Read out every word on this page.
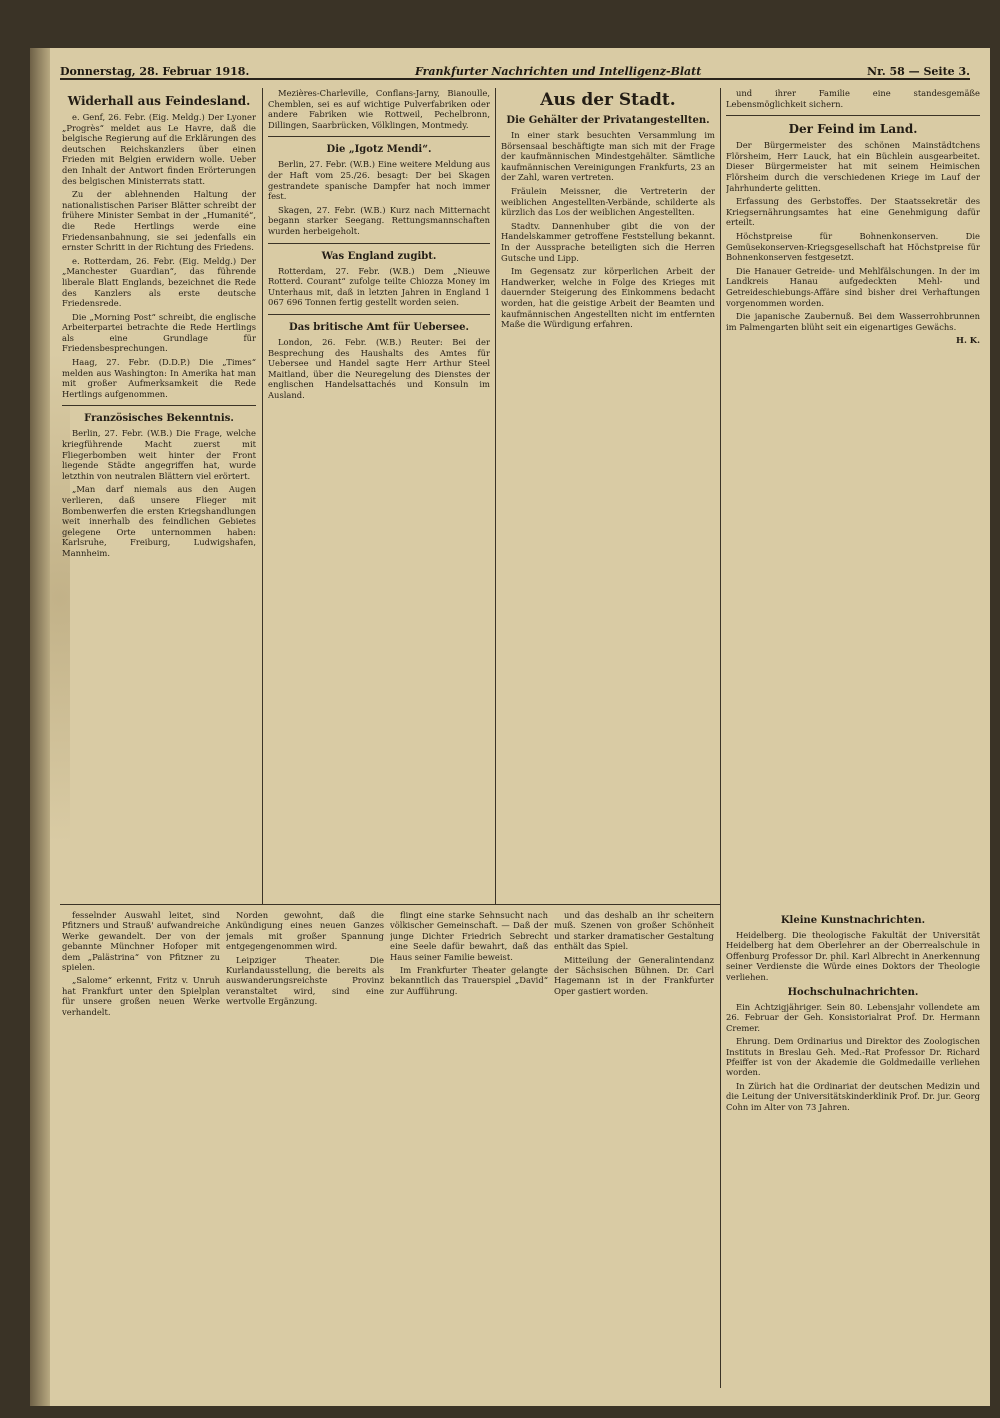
Donnerstag, 28. Februar 1918.	Frankfurter Nachrichten und Intelligenz-Blatt	Nr. 58 — Seite 3.
Widerhall aus Feindesland.

e. Genf, 26. Febr. (Eig. Meldg.) Der Lyoner „Progrès“ meldet aus Le Havre, daß die belgische Regierung auf die Erklärungen des deutschen Reichskanzlers über einen Frieden mit Belgien erwidern wolle. Ueber den Inhalt der Antwort finden Erörterungen des belgischen Ministerrats statt.

Zu der ablehnenden Haltung der nationalistischen Pariser Blätter schreibt der frühere Minister Sembat in der „Humanité“, die Rede Hertlings werde eine Friedensanbahnung, sie sei jedenfalls ein ernster Schritt in der Richtung des Friedens.

e. Rotterdam, 26. Febr. (Eig. Meldg.) Der „Manchester Guardian“, das führende liberale Blatt Englands, bezeichnet die Rede des Kanzlers als erste deutsche Friedensrede.

Die „Morning Post“ schreibt, die englische Arbeiterpartei betrachte die Rede Hertlings als eine Grundlage für Friedensbesprechungen.

Haag, 27. Febr. (D.D.P.) Die „Times“ melden aus Washington: In Amerika hat man mit großer Aufmerksamkeit die Rede Hertlings aufgenommen.

Französisches Bekenntnis.

Berlin, 27. Febr. (W.B.) Die Frage, welche kriegführende Macht zuerst mit Fliegerbomben weit hinter der Front liegende Städte angegriffen hat, wurde letzthin von neutralen Blättern viel erörtert.

„Man darf niemals aus den Augen verlieren, daß unsere Flieger mit Bombenwerfen die ersten Kriegshandlungen weit innerhalb des feindlichen Gebietes gelegene Orte unternommen haben: Karlsruhe, Freiburg, Ludwigshafen, Mannheim.

Mezières-Charleville, Conflans-Jarny, Bianoulle, Chemblen, sei es auf wichtige Pulverfabriken oder andere Fabriken wie Rottweil, Pechelbronn, Dillingen, Saarbrücken, Völklingen, Montmedy.

Die „Igotz Mendi“.

Berlin, 27. Febr. (W.B.) Eine weitere Meldung aus der Haft vom 25./26. besagt: Der bei Skagen gestrandete spanische Dampfer hat noch immer fest.

Skagen, 27. Febr. (W.B.) Kurz nach Mitternacht begann starker Seegang. Rettungsmannschaften wurden herbeigeholt.

Was England zugibt.

Rotterdam, 27. Febr. (W.B.) Dem „Nieuwe Rotterd. Courant“ zufolge teilte Chiozza Money im Unterhaus mit, daß in letzten Jahren in England 1 067 696 Tonnen fertig gestellt worden seien.

Das britische Amt für Uebersee.

London, 26. Febr. (W.B.) Reuter: Bei der Besprechung des Haushalts des Amtes für Uebersee und Handel sagte Herr Arthur Steel Maitland, über die Neuregelung des Dienstes der englischen Handelsattachés und Konsuln im Ausland.

Aus der Stadt.
Die Gehälter der Privatangestellten.

In einer stark besuchten Versammlung im Börsensaal beschäftigte man sich mit der Frage der kaufmännischen Mindestgehälter. Sämtliche kaufmännischen Vereinigungen Frankfurts, 23 an der Zahl, waren vertreten.

Fräulein Meissner, die Vertreterin der weiblichen Angestellten-Verbände, schilderte als kürzlich das Los der weiblichen Angestellten.

Stadtv. Dannenhuber gibt die von der Handelskammer getroffene Feststellung bekannt. In der Aussprache beteiligten sich die Herren Gutsche und Lipp.

Im Gegensatz zur körperlichen Arbeit der Handwerker, welche in Folge des Krieges mit dauernder Steigerung des Einkommens bedacht worden, hat die geistige Arbeit der Beamten und kaufmännischen Angestellten nicht im entfernten Maße die Würdigung erfahren.

und ihrer Familie eine standesgemäße Lebensmöglichkeit sichern.

Der Feind im Land.

Der Bürgermeister des schönen Mainstädtchens Flörsheim, Herr Lauck, hat ein Büchlein ausgearbeitet. Dieser Bürgermeister hat mit seinem Heimischen Flörsheim durch die verschiedenen Kriege im Lauf der Jahrhunderte gelitten.

Erfassung des Gerbstoffes. Der Staatssekretär des Kriegsernährungsamtes hat eine Genehmigung dafür erteilt.

Höchstpreise für Bohnenkonserven. Die Gemüsekonserven-Kriegsgesellschaft hat Höchstpreise für Bohnenkonserven festgesetzt.

Die Hanauer Getreide- und Mehlfälschungen. In der im Landkreis Hanau aufgedeckten Mehl- und Getreideschiebungs-Affäre sind bisher drei Verhaftungen vorgenommen worden.

Die japanische Zaubernuß. Bei dem Wasserrohbrunnen im Palmengarten blüht seit ein eigenartiges Gewächs.

H. K.

fesselnder Auswahl leitet, sind Pfitzners und Strauß' aufwandreiche Werke gewandelt. Der von der gebannte Münchner Hofoper mit dem „Palästrina“ von Pfitzner zu spielen.

„Salome“ erkennt, Fritz v. Unruh hat Frankfurt unter den Spielplan für unsere großen neuen Werke verhandelt.

Norden gewohnt, daß die Ankündigung eines neuen Ganzes jemals mit großer Spannung entgegengenommen wird.

Leipziger Theater. Die Kurlandausstellung, die bereits als auswanderungsreichste Provinz veranstaltet wird, sind eine wertvolle Ergänzung.

flingt eine starke Sehnsucht nach völkischer Gemeinschaft. — Daß der junge Dichter Friedrich Sebrecht eine Seele dafür bewahrt, daß das Haus seiner Familie beweist.

Im Frankfurter Theater gelangte bekanntlich das Trauerspiel „David“ zur Aufführung.

und das deshalb an ihr scheitern muß. Szenen von großer Schönheit und starker dramatischer Gestaltung enthält das Spiel.

Mitteilung der Generalintendanz der Sächsischen Bühnen. Dr. Carl Hagemann ist in der Frankfurter Oper gastiert worden.

Kleine Kunstnachrichten.

Heidelberg. Die theologische Fakultät der Universität Heidelberg hat dem Oberlehrer an der Oberrealschule in Offenburg Professor Dr. phil. Karl Albrecht in Anerkennung seiner Verdienste die Würde eines Doktors der Theologie verliehen.

Hochschulnachrichten.

Ein Achtzigjähriger. Sein 80. Lebensjahr vollendete am 26. Februar der Geh. Konsistorialrat Prof. Dr. Hermann Cremer.

Ehrung. Dem Ordinarius und Direktor des Zoologischen Instituts in Breslau Geh. Med.-Rat Professor Dr. Richard Pfeiffer ist von der Akademie die Goldmedaille verliehen worden.

In Zürich hat die Ordinariat der deutschen Medizin und die Leitung der Universitätskinderklinik Prof. Dr. jur. Georg Cohn im Alter von 73 Jahren.
